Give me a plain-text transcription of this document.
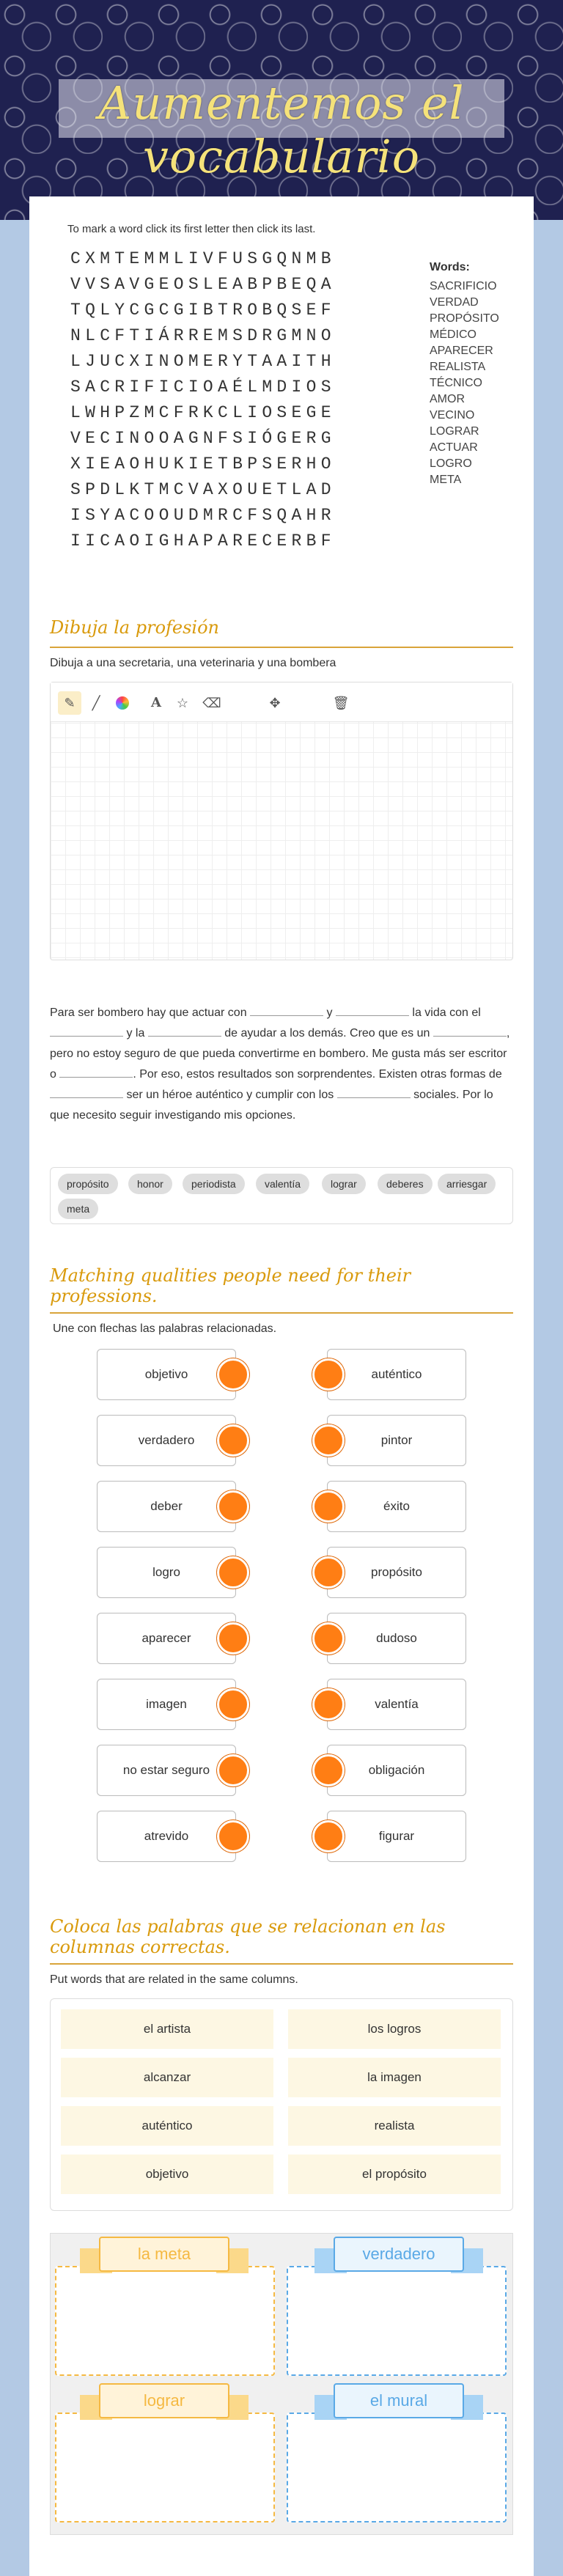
Aumentemos el vocabulario
To mark a word click its first letter then click its last.
CXMTEMMLIVFUSGQNMB
VVSAVGEOSLEABPBEQA
TQLYCGCGIBTROBQSEF
NLCFTIÁRREMSDRGMNO
LJUCXINOMERYTAAITH
SACRIFICIOAÉLMDIOS
LWHPZMCFRKCLIOSEGE
VECINOOAGNFSIÓGERG
XIEAOHUKIETBPSERHO
SPDLKTMCVAXOUETLAD
ISYACOOUDMRCFSQAHR
IICAOIGHAPARECERBF
Words:
SACRIFICIO
VERDAD
PROPÓSITO
MÉDICO
APARECER
REALISTA
TÉCNICO
AMOR
VECINO
LOGRAR
ACTUAR
LOGRO
META
Dibuja la profesión
Dibuja a una secretaria, una veterinaria y una bombera
✎	╱	A	☆	⌫	✥	🗑
Para ser bombero hay que actuar con	y	la vida con el  y la	de ayudar a los demás. Creo que es un	, pero no estoy seguro de que pueda convertirme en bombero. Me gusta más ser escritor o	. Por eso, estos resultados son sorprendentes. Existen otras formas de  ser un héroe auténtico y cumplir con los	sociales. Por lo que necesito seguir investigando mis opciones.
propósito	honor	periodista	valentía	lograr	deberes	arriesgar
meta
Matching qualities people need for their professions.
Une con flechas las palabras relacionadas.
objetivo	auténtico
verdadero	pintor
deber	éxito
logro	propósito
aparecer	dudoso
imagen	valentía
no estar seguro	obligación
atrevido	figurar
Coloca las palabras que se relacionan en las columnas correctas.
Put words that are related in the same columns.
el artista	los logros
alcanzar	la imagen
auténtico	realista
objetivo	el propósito
la meta	verdadero
lograr	el mural
